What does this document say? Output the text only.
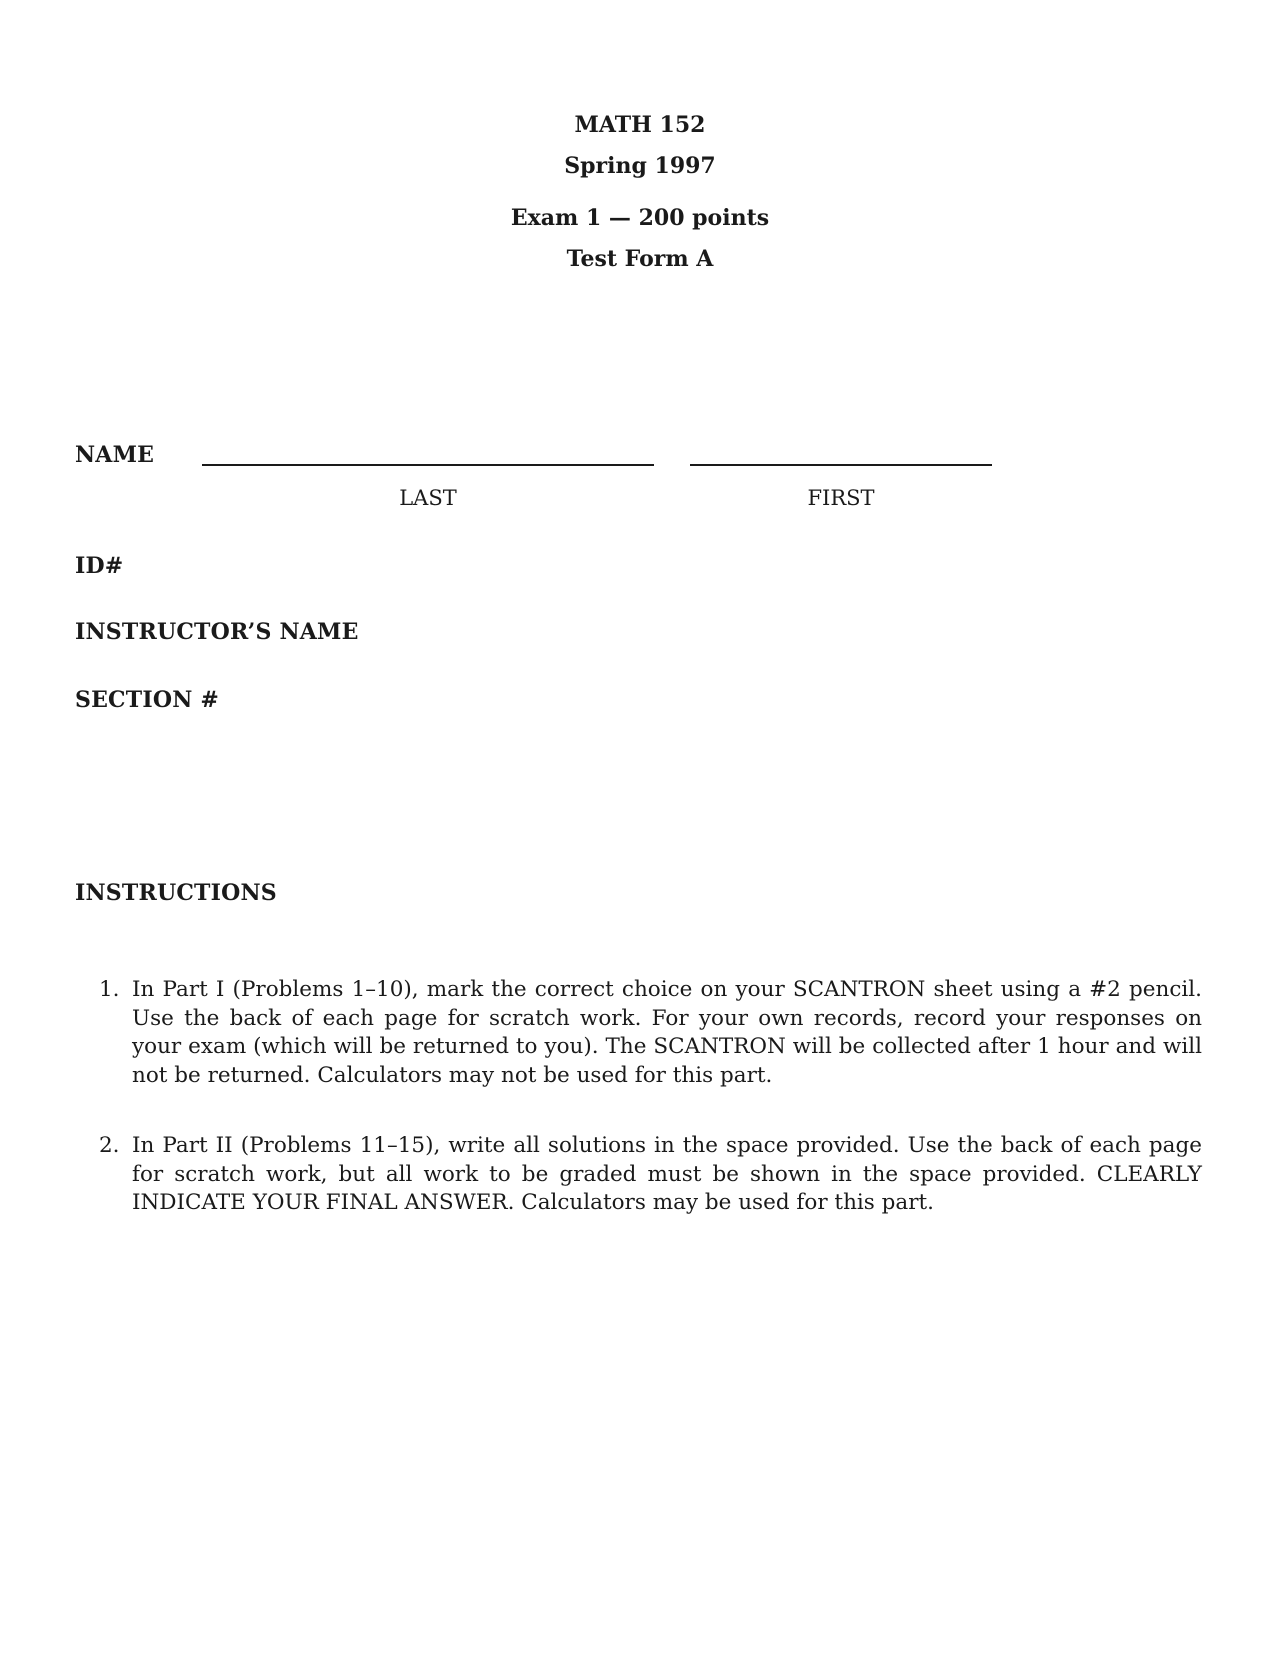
MATH 152
Spring 1997
Exam 1 — 200 points
Test Form A
NAME
LAST	FIRST
ID#
INSTRUCTOR’S NAME
SECTION #
INSTRUCTIONS
1. In Part I (Problems 1–10), mark the correct choice on your SCANTRON sheet using a #2 pencil. Use the back of each page for scratch work. For your own records, record your responses on your exam (which will be returned to you). The SCANTRON will be collected after 1 hour and will not be returned. Calculators may not be used for this part.
2. In Part II (Problems 11–15), write all solutions in the space provided. Use the back of each page for scratch work, but all work to be graded must be shown in the space provided. CLEARLY INDICATE YOUR FINAL ANSWER. Calculators may be used for this part.
